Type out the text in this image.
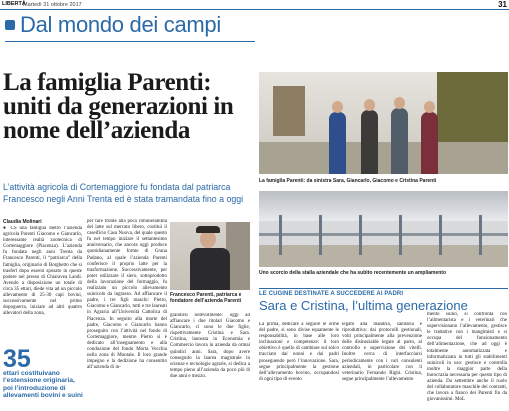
LIBERTÀ
Martedì 31 ottobre 2017	31
Dal mondo dei campi
La famiglia Parenti: uniti da generazioni in nome dell’azienda

L’attività agricola di Cortemaggiore fu fondata dal patriarca Francesco negli Anni Trenta ed è stata tramandata fino a oggi

Claudia Molinari
● CS una famiglia dietro l’azienda agricola Parenti Giacomo e Giancarlo, interessante realtà zootecnica di Cortemaggiore (Piacenza). L’azienda fu fondata negli anni Trenta da Francesco Parenti, il “patriarca” della famiglia, originario di Borghetto che si trasferì dopo essersi sposato in queste podere nel presso di Chiaravea Landi. Avendo a disposizione un totale di circa 35 ettari, diede vita ad un piccolo allevamento di 25-30 capi bovini, successivamente nel primo dopoguerra, iniziare ad altri quattro allevatori della zona,
35
ettari costituivano l’estensione originaria, poi l’introduzione di allevamenti bovini e suini
per fare fronte alla poca rimunerabilità del latte sul mercato libero, costituì il caseificio Casa Nuova, del quale questo fu nel tempo iniziare il settantesimo anniversario, che ancora oggi produce quotidianamente forme di Grana Padano, al quale l’azienda Parenti conferisce il proprio latte per la trasformazione. Successivamente, per poter utilizzare il siero, sottoprodotto della lavorazione del formaggio, fu realizzato un piccolo allevamento suinicolo da ingrasso. Ad affiancare il padre, i tre figli maschi: Pietro, Giacomo e Giancarlo, tutti e tre laureati in Agraria all’Università Cattolica di Piacenza. In seguito alla morte del padre, Giacomo e Giancarlo hanno proseguito con l’attività nel fondo di Cortemaggiore, mentre Pietro si è dedicato all’insegnamento e alla conduzione del fondo Morta Vecchia nella zona di Montale. Il loro grande impegno e la dedizione ha consentito all’azienda di in-
Francesco Parenti, patriarca e fondatore dell’azienda Parenti
grandirsi notevolmente: oggi ad affiancare i due titolari Giacomo e Giancarlo, ci sono le due figlie, rispettivamente Cristina e Sara. Cristina, laureata in Economia e Commercio lavora in azienda da ormai quindici anni. Sara, dopo avere conseguito la laurea magistrale in scienze e tecnologie agrarie, si dedica a tempo pieno all’azienda da poco più di due anni e mezzo.
La famiglia Parenti: da sinistra Sara, Giancarlo, Giacomo e Cristina Parenti
Uno scorcio della stalla aziendale che ha subito recentemente un ampliamento
LE CUGINE DESTINATE A SUCCEDERE AI PADRI
Sara e Cristina, l’ultima generazione
La prima, dedicare a seguire le orme del padre, si sono divise equamente le responsabilità, in base alle loro inclinazioni e competenze: il loro obiettivo è quello di cambiare sul solco tracciato dai nonni e dai padri proseguendo però l’innovazione. Sara, segue principalmente la gestione dell’allevamento bovino, occupandosi di ogni tipo di evento
legato alla mandria, sanitaria e riproduttiva: dai protocolli gestionali, volti principalmente alla prevenzione delle disinezialde legate al parto, al controllo e supervisione dei vitelli. Inoltre cerca di interfacciarsi periodicamente con i vari consulenti aziendali, in particolare con il veterinario Fernando Righi. Cristina, segue principalmente l’allevamento
mento suino, si confronta con l’alimentarista e i veterinari che supervisionano l’allevamento, gestisce le trattative con i mangimisti e si occupa del funzionamento dell’alimentazione, che ad oggi è totalmente automatizzata e informatizzata in tutti gli stabilimenti suinicoli in uso: gestisce e controlla inoltre la maggior parte della burocrazia necessaria per questo tipo di azienda. Da settembre anche il ruolo del collaboratore maschile dei contratti, che lavora a fianco dei Parenti fin da giovanissimi. MoL
